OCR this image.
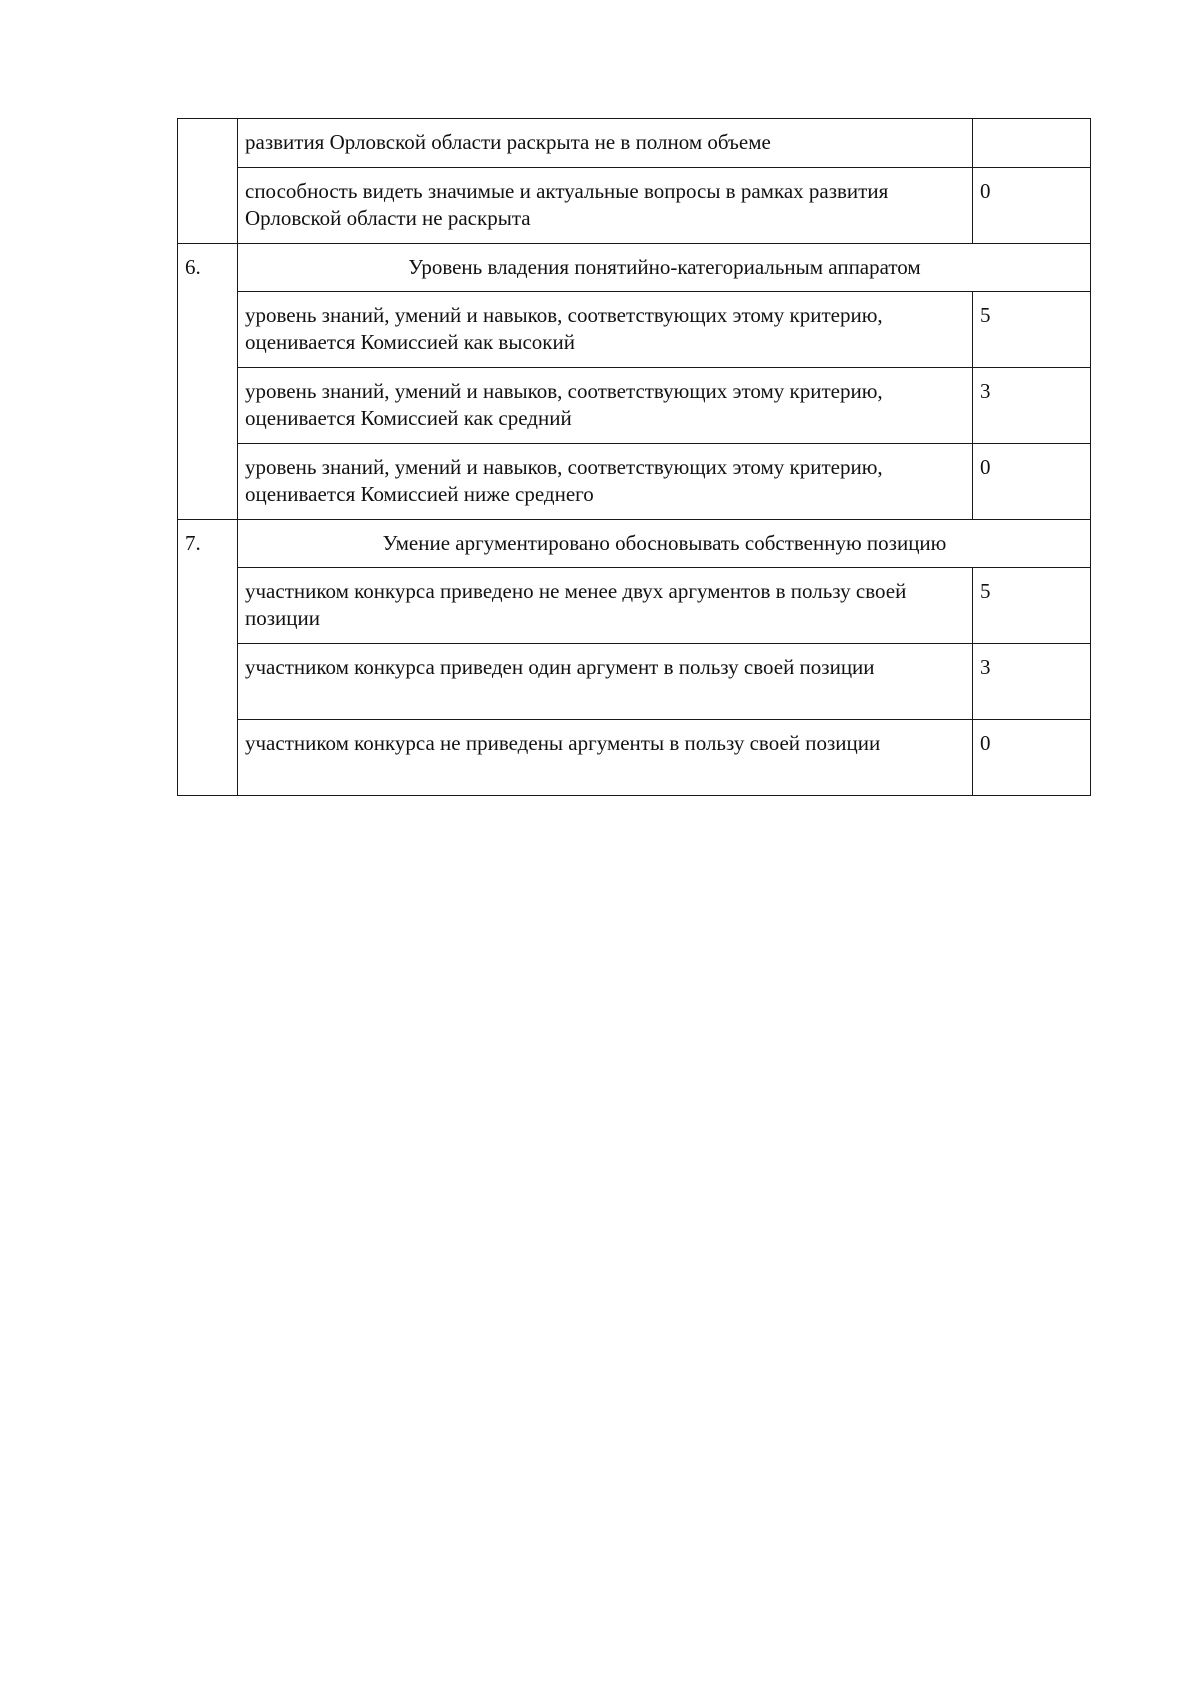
	развития Орловской области раскрыта не в полном объеме	
	способность видеть значимые и актуальные вопросы в рамках развития Орловской области не раскрыта	0
6.	Уровень владения понятийно-категориальным аппаратом	
	уровень знаний, умений и навыков, соответствующих этому критерию, оценивается Комиссией как высокий	5
	уровень знаний, умений и навыков, соответствующих этому критерию, оценивается Комиссией как средний	3
	уровень знаний, умений и навыков, соответствующих этому критерию, оценивается Комиссией ниже среднего	0
7.	Умение аргументировано обосновывать собственную позицию	
	участником конкурса приведено не менее двух аргументов в пользу своей позиции	5
	участником конкурса приведен один аргумент в пользу своей позиции	3
	участником конкурса не приведены аргументы в пользу своей позиции	0
